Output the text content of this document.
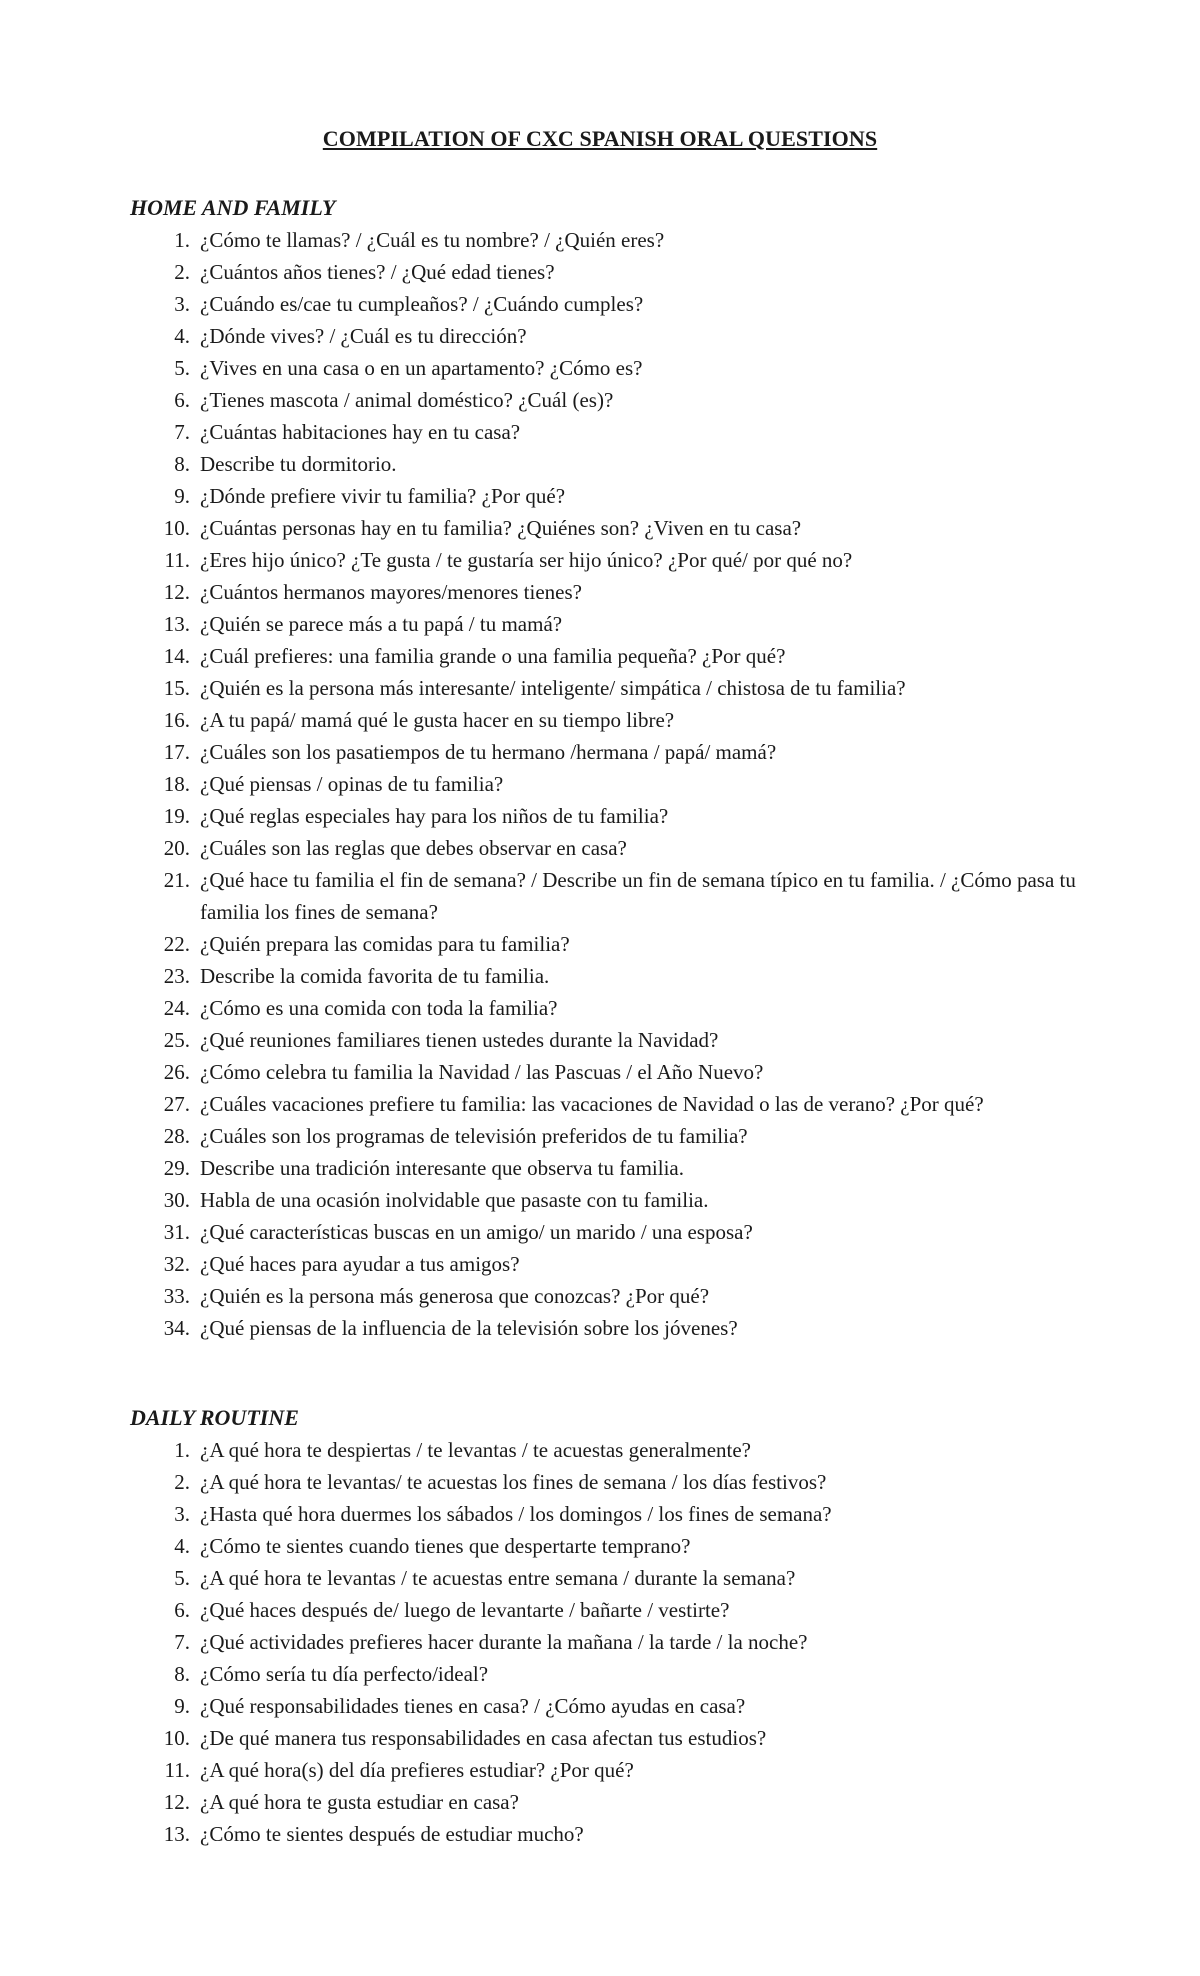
COMPILATION OF CXC SPANISH ORAL QUESTIONS
HOME AND FAMILY
1. ¿Cómo te llamas? / ¿Cuál es tu nombre? / ¿Quién eres?
2. ¿Cuántos años tienes? / ¿Qué edad tienes?
3. ¿Cuándo es/cae tu cumpleaños? / ¿Cuándo cumples?
4. ¿Dónde vives? / ¿Cuál es tu dirección?
5. ¿Vives en una casa o en un apartamento? ¿Cómo es?
6. ¿Tienes mascota / animal doméstico? ¿Cuál (es)?
7. ¿Cuántas habitaciones hay en tu casa?
8. Describe tu dormitorio.
9. ¿Dónde prefiere vivir tu familia? ¿Por qué?
10. ¿Cuántas personas hay en tu familia? ¿Quiénes son? ¿Viven en tu casa?
11. ¿Eres hijo único? ¿Te gusta / te gustaría ser hijo único? ¿Por qué/ por qué no?
12. ¿Cuántos hermanos mayores/menores tienes?
13. ¿Quién se parece más a tu papá / tu mamá?
14. ¿Cuál prefieres: una familia grande o una familia pequeña? ¿Por qué?
15. ¿Quién es la persona más interesante/ inteligente/ simpática / chistosa de tu familia?
16. ¿A tu papá/ mamá qué le gusta hacer en su tiempo libre?
17. ¿Cuáles son los pasatiempos de tu hermano /hermana / papá/ mamá?
18. ¿Qué piensas / opinas de tu familia?
19. ¿Qué reglas especiales hay para los niños de tu familia?
20. ¿Cuáles son las reglas que debes observar en casa?
21. ¿Qué hace tu familia el fin de semana? / Describe un fin de semana típico en tu familia. / ¿Cómo pasa tu familia los fines de semana?
22. ¿Quién prepara las comidas para tu familia?
23. Describe la comida favorita de tu familia.
24. ¿Cómo es una comida con toda la familia?
25. ¿Qué reuniones familiares tienen ustedes durante la Navidad?
26. ¿Cómo celebra tu familia la Navidad / las Pascuas / el Año Nuevo?
27. ¿Cuáles vacaciones prefiere tu familia: las vacaciones de Navidad o las de verano? ¿Por qué?
28. ¿Cuáles son los programas de televisión preferidos de tu familia?
29. Describe una tradición interesante que observa tu familia.
30. Habla de una ocasión inolvidable que pasaste con tu familia.
31. ¿Qué características buscas en un amigo/ un marido / una esposa?
32. ¿Qué haces para ayudar a tus amigos?
33. ¿Quién es la persona más generosa que conozcas? ¿Por qué?
34. ¿Qué piensas de la influencia de la televisión sobre los jóvenes?
DAILY ROUTINE
1. ¿A qué hora te despiertas / te levantas / te acuestas generalmente?
2. ¿A qué hora te levantas/ te acuestas los fines de semana / los días festivos?
3. ¿Hasta qué hora duermes los sábados / los domingos / los fines de semana?
4. ¿Cómo te sientes cuando tienes que despertarte temprano?
5. ¿A qué hora te levantas / te acuestas entre semana / durante la semana?
6. ¿Qué haces después de/ luego de levantarte / bañarte / vestirte?
7. ¿Qué actividades prefieres hacer durante la mañana / la tarde / la noche?
8. ¿Cómo sería tu día perfecto/ideal?
9. ¿Qué responsabilidades tienes en casa? / ¿Cómo ayudas en casa?
10. ¿De qué manera tus responsabilidades en casa afectan tus estudios?
11. ¿A qué hora(s) del día prefieres estudiar? ¿Por qué?
12. ¿A qué hora te gusta estudiar en casa?
13. ¿Cómo te sientes después de estudiar mucho?
